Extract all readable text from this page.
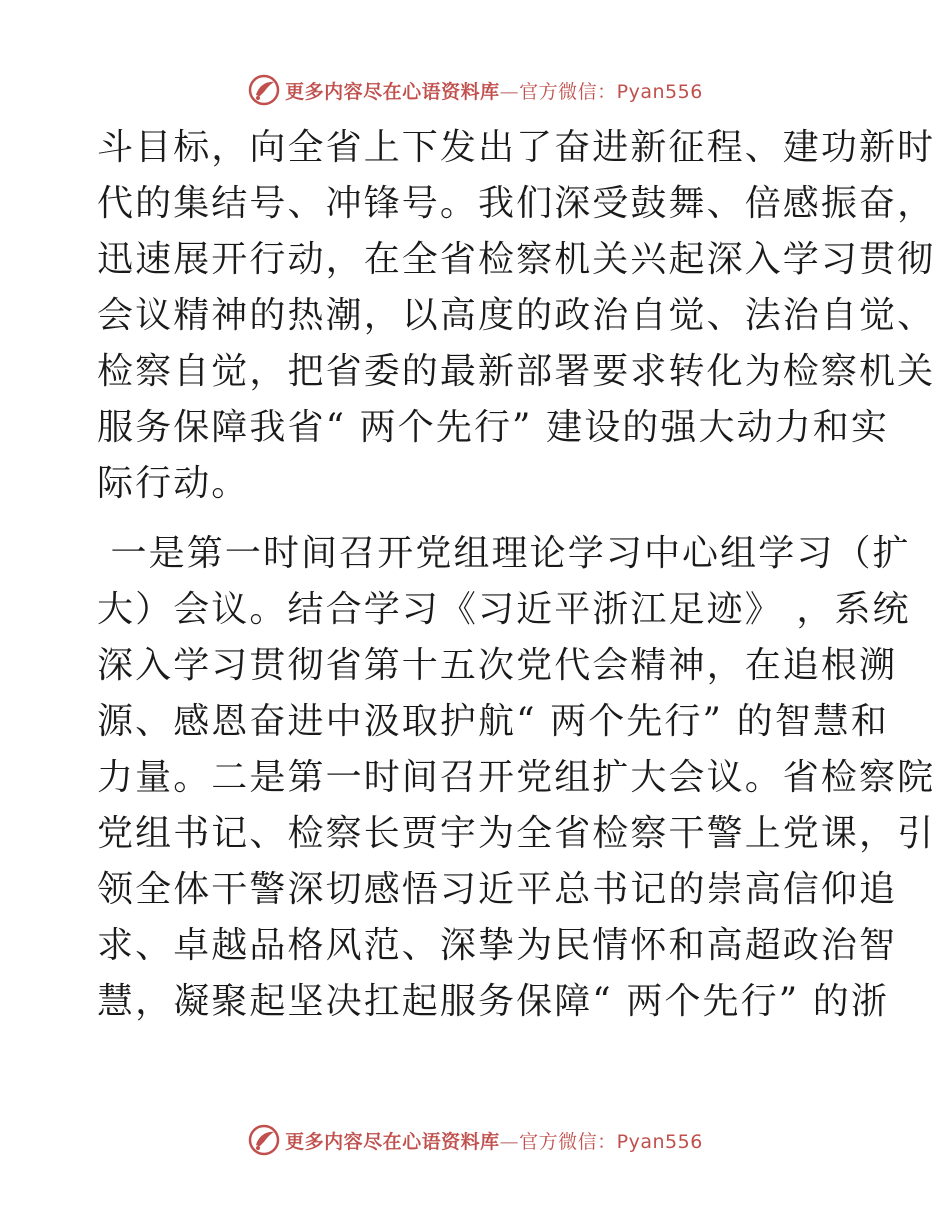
更多内容尽在心语资料库—官方微信：Pyan556

斗目标，向全省上下发出了奋进新征程、建功新时
代的集结号、冲锋号。我们深受鼓舞、倍感振奋，
迅速展开行动，在全省检察机关兴起深入学习贯彻
会议精神的热潮，以高度的政治自觉、法治自觉、
检察自觉，把省委的最新部署要求转化为检察机关
服务保障我省“ 两个先行” 建设的强大动力和实
际行动。

一是第一时间召开党组理论学习中心组学习（扩
大）会议。结合学习《习近平浙江足迹》 ，系统
深入学习贯彻省第十五次党代会精神，在追根溯
源、感恩奋进中汲取护航“ 两个先行” 的智慧和
力量。二是第一时间召开党组扩大会议。省检察院
党组书记、检察长贾宇为全省检察干警上党课，引
领全体干警深切感悟习近平总书记的崇高信仰追
求、卓越品格风范、深挚为民情怀和高超政治智
慧，凝聚起坚决扛起服务保障“ 两个先行” 的浙

更多内容尽在心语资料库—官方微信：Pyan556
